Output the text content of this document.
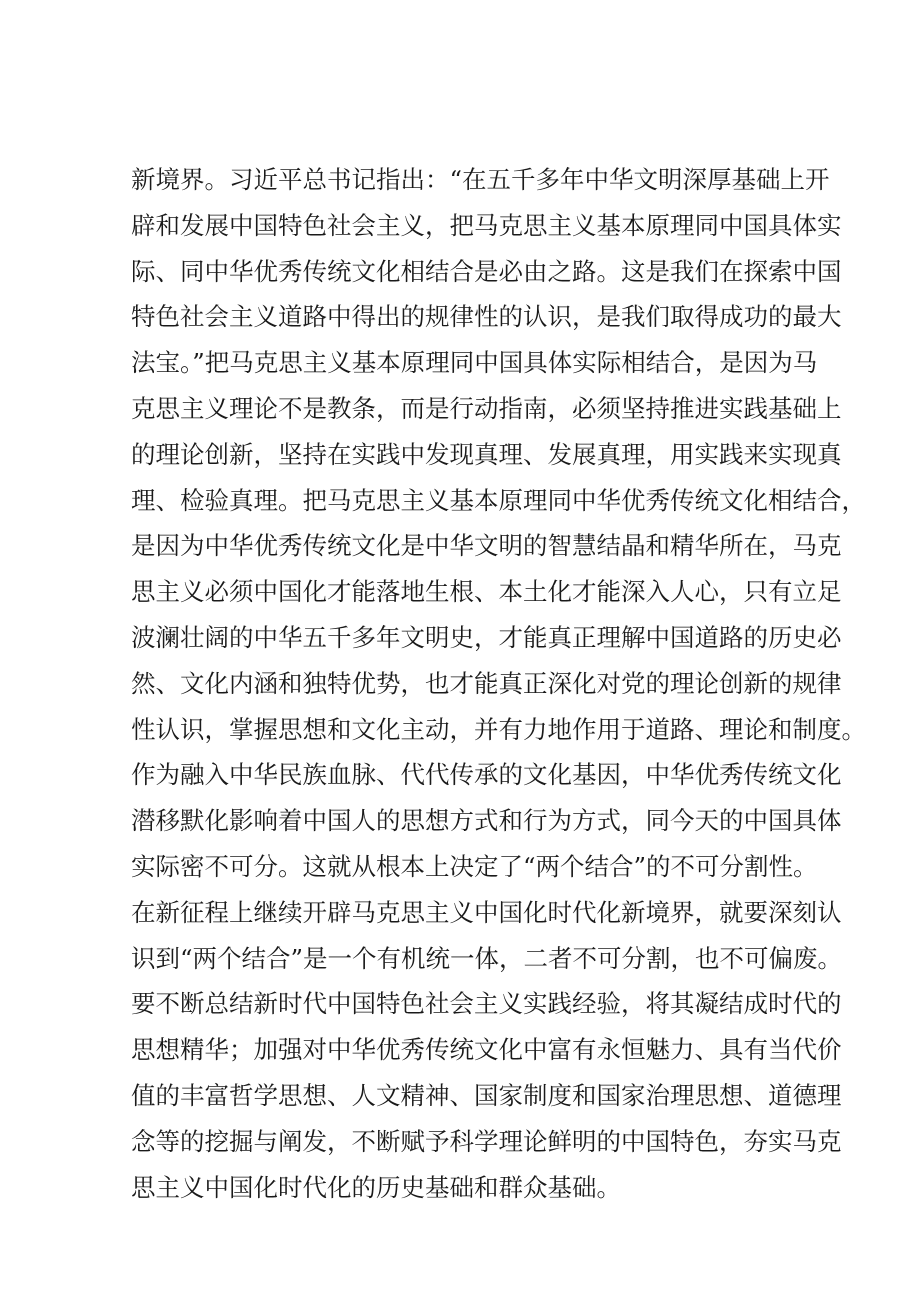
新境界。习近平总书记指出：“在五千多年中华文明深厚基础上开
辟和发展中国特色社会主义，把马克思主义基本原理同中国具体实
际、同中华优秀传统文化相结合是必由之路。这是我们在探索中国
特色社会主义道路中得出的规律性的认识，是我们取得成功的最大
法宝。”把马克思主义基本原理同中国具体实际相结合，是因为马
克思主义理论不是教条，而是行动指南，必须坚持推进实践基础上
的理论创新，坚持在实践中发现真理、发展真理，用实践来实现真
理、检验真理。把马克思主义基本原理同中华优秀传统文化相结合，
是因为中华优秀传统文化是中华文明的智慧结晶和精华所在，马克
思主义必须中国化才能落地生根、本土化才能深入人心，只有立足
波澜壮阔的中华五千多年文明史，才能真正理解中国道路的历史必
然、文化内涵和独特优势，也才能真正深化对党的理论创新的规律
性认识，掌握思想和文化主动，并有力地作用于道路、理论和制度。
作为融入中华民族血脉、代代传承的文化基因，中华优秀传统文化
潜移默化影响着中国人的思想方式和行为方式，同今天的中国具体
实际密不可分。这就从根本上决定了“两个结合”的不可分割性。
在新征程上继续开辟马克思主义中国化时代化新境界，就要深刻认
识到“两个结合”是一个有机统一体，二者不可分割，也不可偏废。
要不断总结新时代中国特色社会主义实践经验，将其凝结成时代的
思想精华；加强对中华优秀传统文化中富有永恒魅力、具有当代价
值的丰富哲学思想、人文精神、国家制度和国家治理思想、道德理
念等的挖掘与阐发，不断赋予科学理论鲜明的中国特色，夯实马克
思主义中国化时代化的历史基础和群众基础。
